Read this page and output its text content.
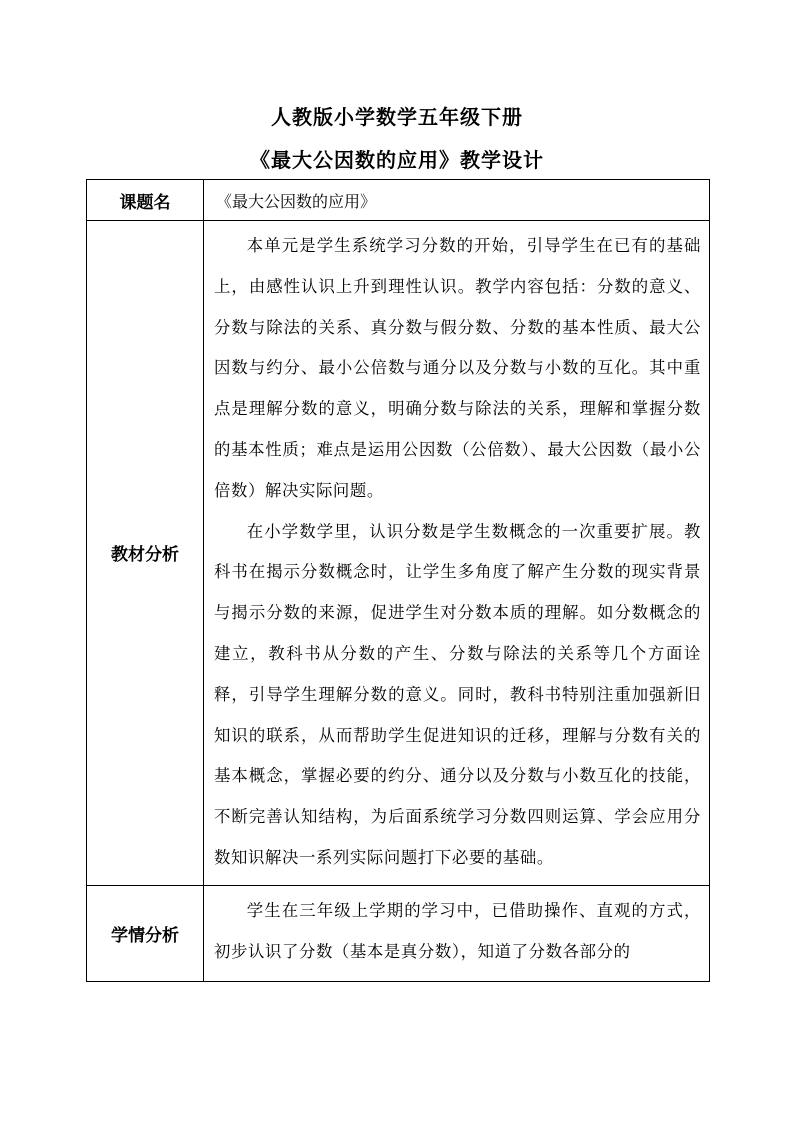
人教版小学数学五年级下册
《最大公因数的应用》教学设计
课题名	《最大公因数的应用》
教材分析	本单元是学生系统学习分数的开始，引导学生在已有的基础上，由感性认识上升到理性认识。教学内容包括：分数的意义、分数与除法的关系、真分数与假分数、分数的基本性质、最大公因数与约分、最小公倍数与通分以及分数与小数的互化。其中重点是理解分数的意义，明确分数与除法的关系，理解和掌握分数的基本性质；难点是运用公因数（公倍数）、最大公因数（最小公倍数）解决实际问题。

在小学数学里，认识分数是学生数概念的一次重要扩展。教科书在揭示分数概念时，让学生多角度了解产生分数的现实背景与揭示分数的来源，促进学生对分数本质的理解。如分数概念的建立，教科书从分数的产生、分数与除法的关系等几个方面诠释，引导学生理解分数的意义。同时，教科书特别注重加强新旧知识的联系，从而帮助学生促进知识的迁移，理解与分数有关的基本概念，掌握必要的约分、通分以及分数与小数互化的技能，不断完善认知结构，为后面系统学习分数四则运算、学会应用分数知识解决一系列实际问题打下必要的基础。

学情分析	学生在三年级上学期的学习中，已借助操作、直观的方式，初步认识了分数（基本是真分数），知道了分数各部分的
